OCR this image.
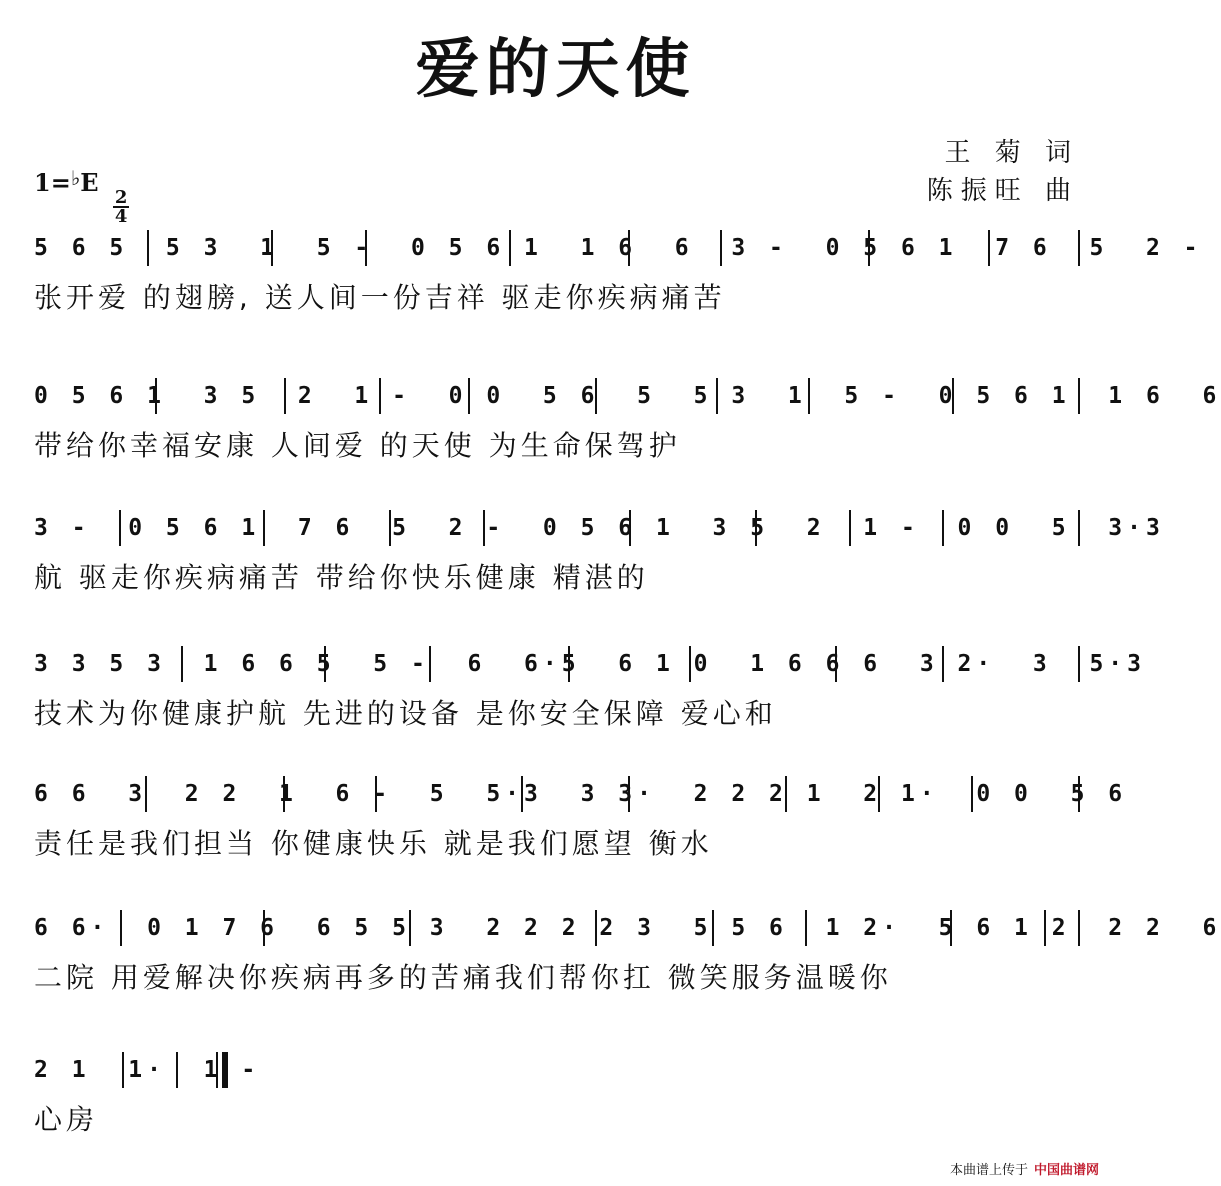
爱的天使
王 菊 词
陈振旺 曲
1=♭E
$\frac{2}{4}$
5 6 5  5 3  1  5 -  0 5 6 1  1 6  6  3 -  0 5 6 1  7 6  5  2 -
张开爱 的翅膀, 送人间一份吉祥 驱走你疾病痛苦
0 5 6 1  3 5  2  1 -  0 0  5 6  5  5 3  1  5 -  0 5 6 1  1 6  6
带给你幸福安康 人间爱 的天使 为生命保驾护
3 -  0 5 6 1  7 6  5  2 -  0 5 6 1  3 5  2  1 -  0 0  5  3·3
航 驱走你疾病痛苦 带给你快乐健康 精湛的
3 3 5 3  1 6 6 5  5 -  6  6·5  6 1 0  1 6 6 6  3 2·  3  5·3
技术为你健康护航 先进的设备 是你安全保障 爱心和
6 6  3  2 2  1  6 -  5  5·3  3 3·  2 2 2 1  2 1·  0 0  5 6
责任是我们担当 你健康快乐 就是我们愿望 衡水
6 6·  0 1 7 6  6 5 5 3  2 2 2 2 3  5 5 6  1 2·  5 6 1 2  2 2  6
二院 用爱解决你疾病再多的苦痛我们帮你扛 微笑服务温暖你
2 1  1·  1 -
心房
本曲谱上传于 中国曲谱网
